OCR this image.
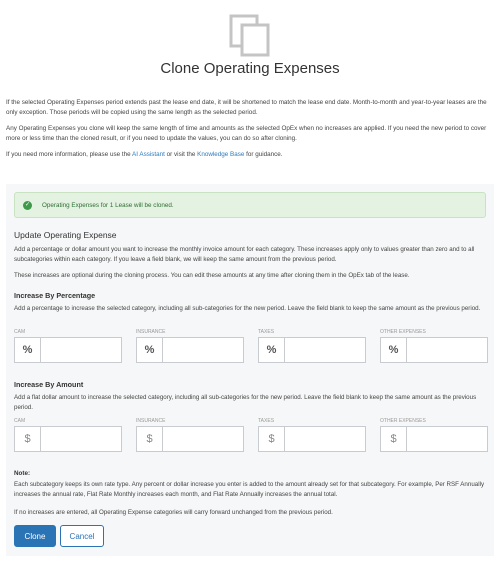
Clone Operating Expenses

If the selected Operating Expenses period extends past the lease end date, it will be shortened to match the lease end date. Month-to-month and year-to-year leases are the only exception. Those periods will be copied using the same length as the selected period.

Any Operating Expenses you clone will keep the same length of time and amounts as the selected OpEx when no increases are applied. If you need the new period to cover more or less time than the cloned result, or if you need to update the values, you can do so after cloning.

If you need more information, please use the AI Assistant or visit the Knowledge Base for guidance.

✓	Operating Expenses for 1 Lease will be cloned.
Update Operating Expense
Add a percentage or dollar amount you want to increase the monthly invoice amount for each category. These increases apply only to values greater than zero and to all subcategories within each category. If you leave a field blank, we will keep the same amount from the previous period.
These increases are optional during the cloning process. You can edit these amounts at any time after cloning them in the OpEx tab of the lease.
Increase By Percentage
Add a percentage to increase the selected category, including all sub-categories for the new period. Leave the field blank to keep the same amount as the previous period.
CAM	INSURANCE	TAXES	OTHER EXPENSES
%	%	%	%
Increase By Amount
Add a flat dollar amount to increase the selected category, including all sub-categories for the new period. Leave the field blank to keep the same amount as the previous period.
CAM	INSURANCE	TAXES	OTHER EXPENSES
$	$	$	$
Note:
Each subcategory keeps its own rate type. Any percent or dollar increase you enter is added to the amount already set for that subcategory. For example, Per RSF Annually increases the annual rate, Flat Rate Monthly increases each month, and Flat Rate Annually increases the annual total.
If no increases are entered, all Operating Expense categories will carry forward unchanged from the previous period.
Clone	Cancel
